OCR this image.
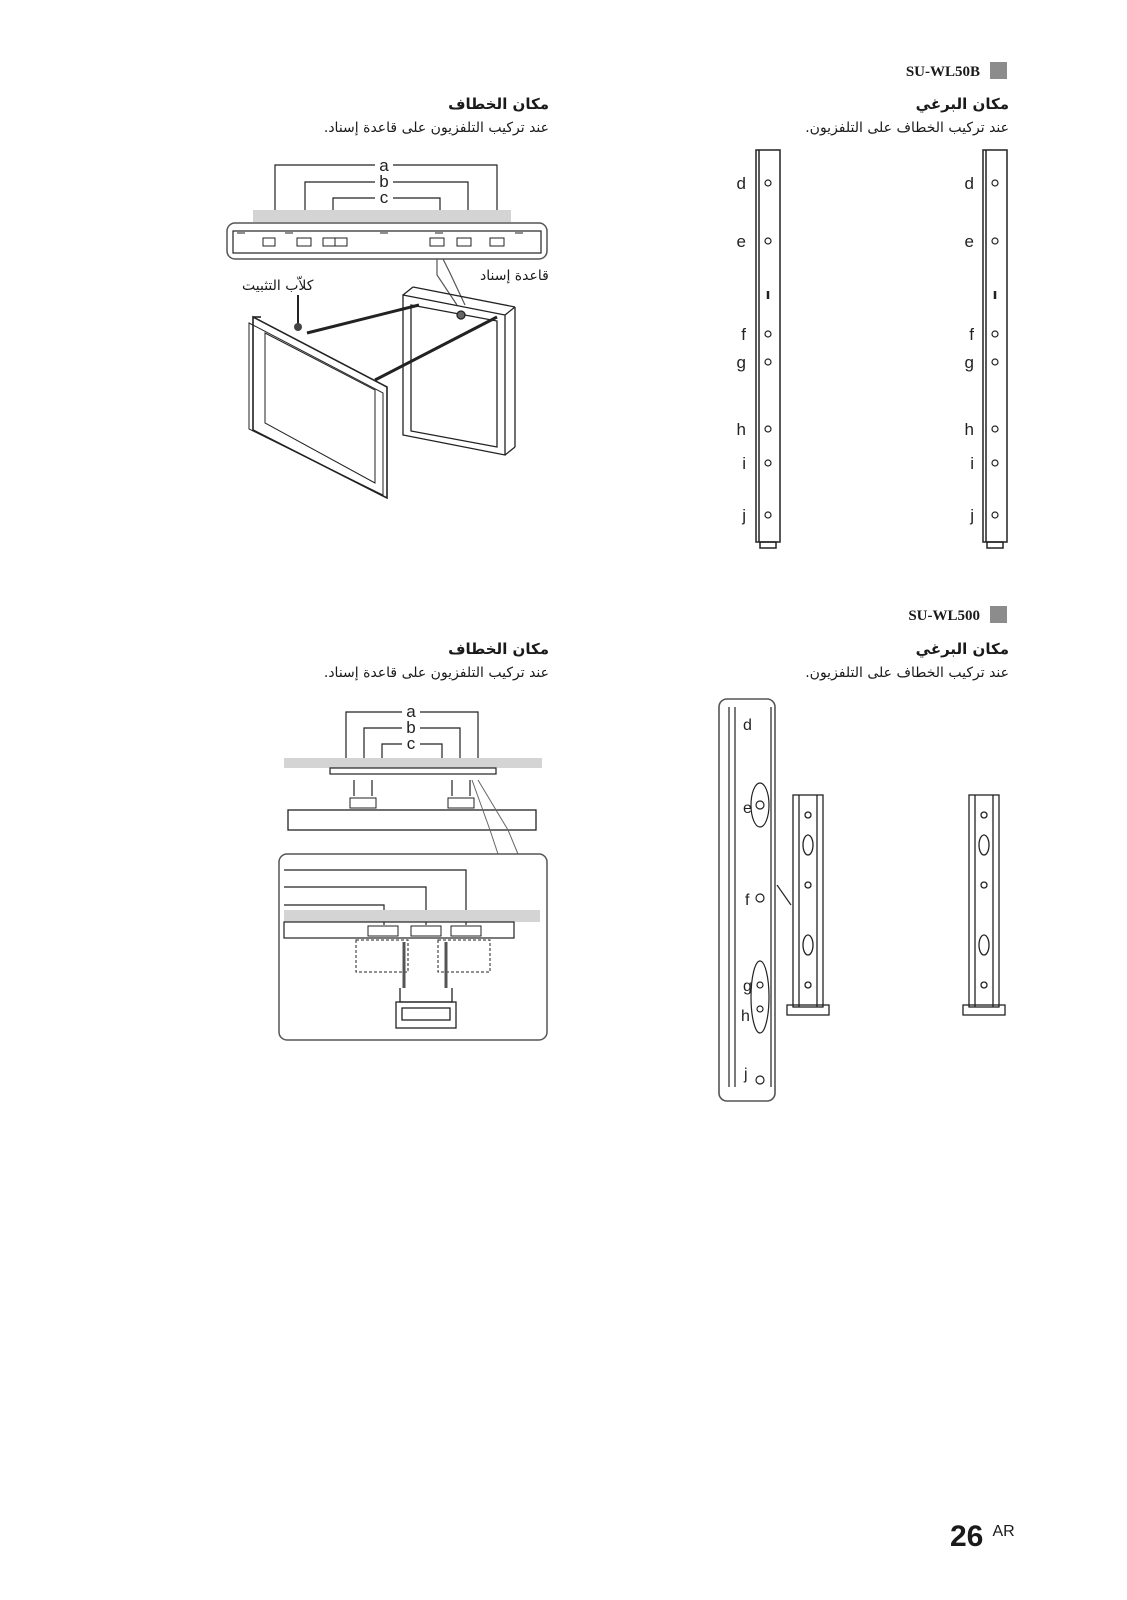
SU-WL50B
مكان البرغي
عند تركيب الخطاف على التلفزيون.
مكان الخطاف
عند تركيب التلفزيون على قاعدة إسناد.
d
e
f
g
h
i
j
d
e
f
g
h
i
j
a
b
c
كلاّب التثبيت
قاعدة إسناد
SU-WL500
مكان البرغي
عند تركيب الخطاف على التلفزيون.
مكان الخطاف
عند تركيب التلفزيون على قاعدة إسناد.
a
b
c
d
e
f
g
h
j
26 AR
